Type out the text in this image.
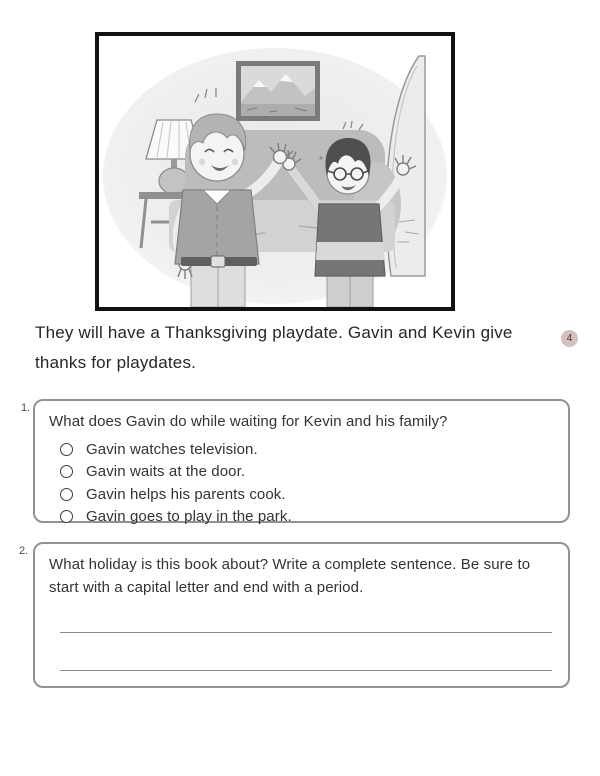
They will have a Thanksgiving playdate. Gavin and Kevin give thanks for playdates.

4
1.
What does Gavin do while waiting for Kevin and his family?
Gavin watches television.
Gavin waits at the door.
Gavin helps his parents cook.
Gavin goes to play in the park.
2.
What holiday is this book about? Write a complete sentence. Be sure to start with a capital letter and end with a period.
